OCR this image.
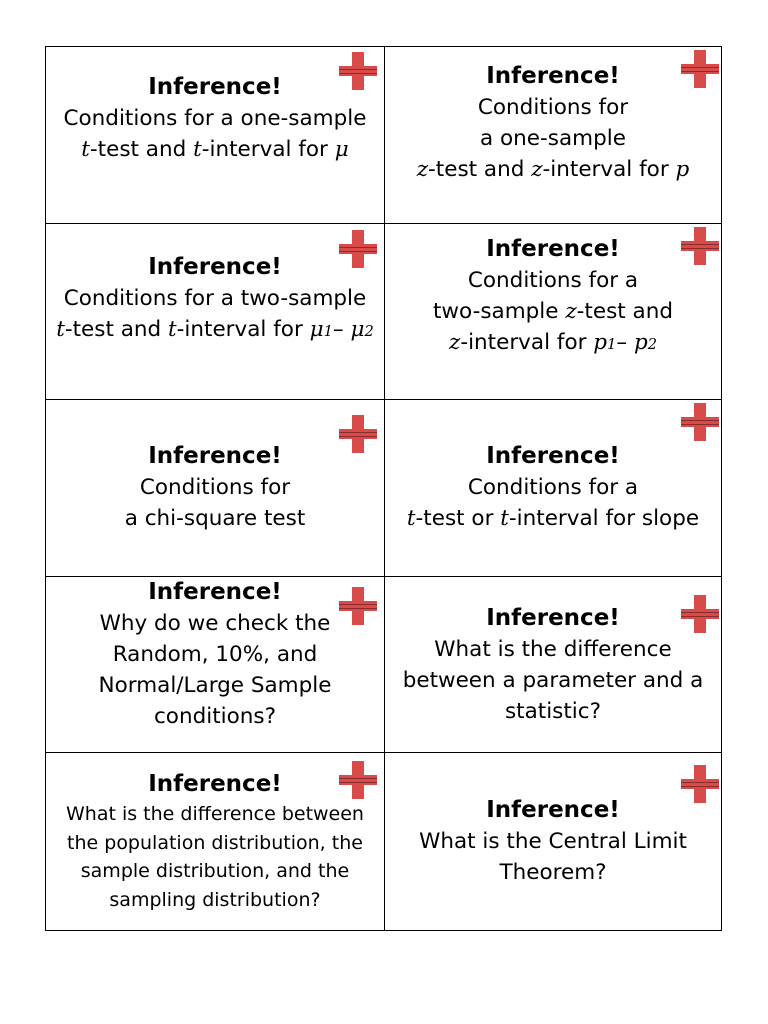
Inference!
Conditions for a one-sample
t-test and t-interval for μ
Inference!
Conditions for
a one-sample
z-test and z-interval for p
Inference!
Conditions for a two-sample
t-test and t-interval for μ1– μ2
Inference!
Conditions for a
two-sample z-test and
z-interval for p1– p2
Inference!
Conditions for
a chi-square test
Inference!
Conditions for a
t-test or t-interval for slope
Inference!
Why do we check the
Random, 10%, and
Normal/Large Sample
conditions?
Inference!
What is the difference
between a parameter and a
statistic?
Inference!
What is the difference between
the population distribution, the
sample distribution, and the
sampling distribution?
Inference!
What is the Central Limit
Theorem?
